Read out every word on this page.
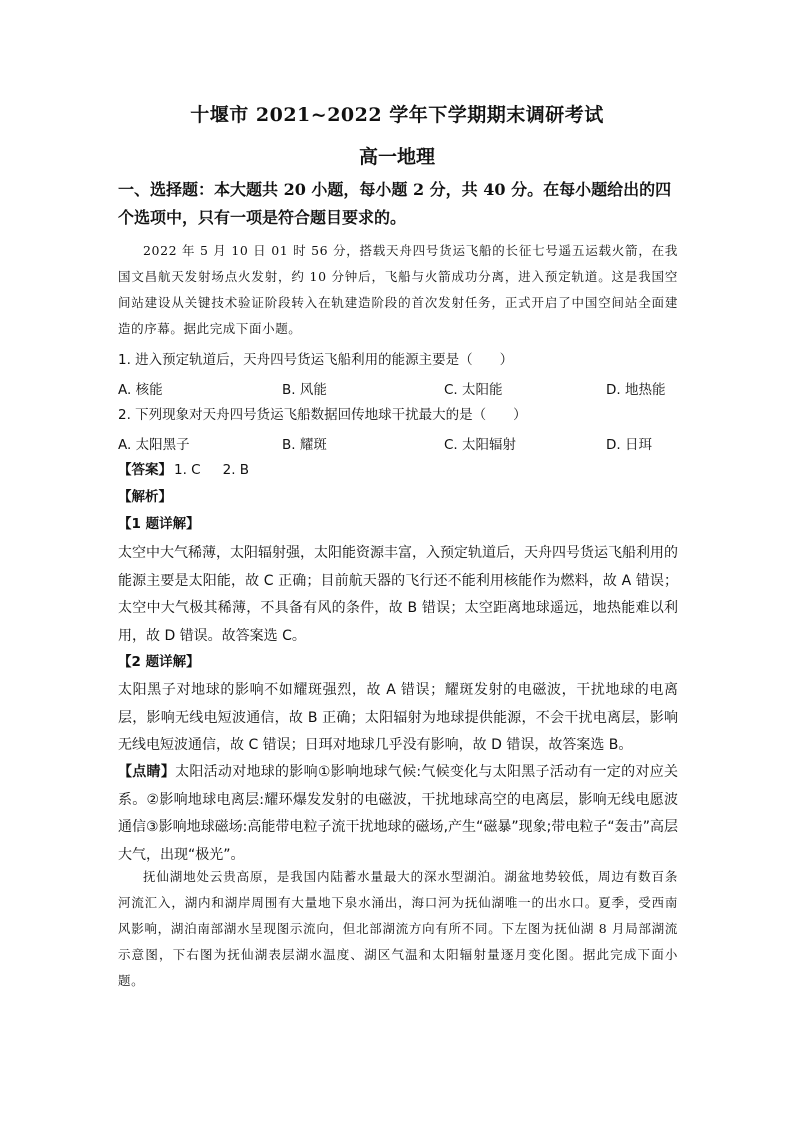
十堰市 2021~2022 学年下学期期末调研考试
高一地理
一、选择题：本大题共 20 小题，每小题 2 分，共 40 分。在每小题给出的四个选项中，只有一项是符合题目要求的。
2022 年 5 月 10 日 01 时 56 分，搭载天舟四号货运飞船的长征七号遥五运载火箭，在我国文昌航天发射场点火发射，约 10 分钟后，飞船与火箭成功分离，进入预定轨道。这是我国空间站建设从关键技术验证阶段转入在轨建造阶段的首次发射任务，正式开启了中国空间站全面建造的序幕。据此完成下面小题。
1. 进入预定轨道后，天舟四号货运飞船利用的能源主要是（　　）
A. 核能	B. 风能	C. 太阳能	D. 地热能
2. 下列现象对天舟四号货运飞船数据回传地球干扰最大的是（　　）
A. 太阳黑子	B. 耀斑	C. 太阳辐射	D. 日珥
【答案】 1. C 2. B
【解析】
【1 题详解】
太空中大气稀薄，太阳辐射强，太阳能资源丰富，入预定轨道后，天舟四号货运飞船利用的能源主要是太阳能，故 C 正确；目前航天器的飞行还不能利用核能作为燃料，故 A 错误；太空中大气极其稀薄，不具备有风的条件，故 B 错误；太空距离地球遥远，地热能难以利用，故 D 错误。故答案选 C。
【2 题详解】
太阳黑子对地球的影响不如耀斑强烈，故 A 错误；耀斑发射的电磁波，干扰地球的电离层，影响无线电短波通信，故 B 正确；太阳辐射为地球提供能源，不会干扰电离层，影响无线电短波通信，故 C 错误；日珥对地球几乎没有影响，故 D 错误，故答案选 B。
【点睛】太阳活动对地球的影响①影响地球气候:气候变化与太阳黑子活动有一定的对应关系。②影响地球电离层:耀环爆发发射的电磁波，干扰地球高空的电离层，影响无线电愿波通信③影响地球磁场:高能带电粒子流干扰地球的磁场,产生“磁暴”现象;带电粒子“轰击”高层大气，出现“极光”。
抚仙湖地处云贵高原，是我国内陆蓄水量最大的深水型湖泊。湖盆地势较低，周边有数百条河流汇入，湖内和湖岸周围有大量地下泉水涌出，海口河为抚仙湖唯一的出水口。夏季，受西南风影响，湖泊南部湖水呈现图示流向，但北部湖流方向有所不同。下左图为抚仙湖 8 月局部湖流示意图，下右图为抚仙湖表层湖水温度、湖区气温和太阳辐射量逐月变化图。据此完成下面小题。
